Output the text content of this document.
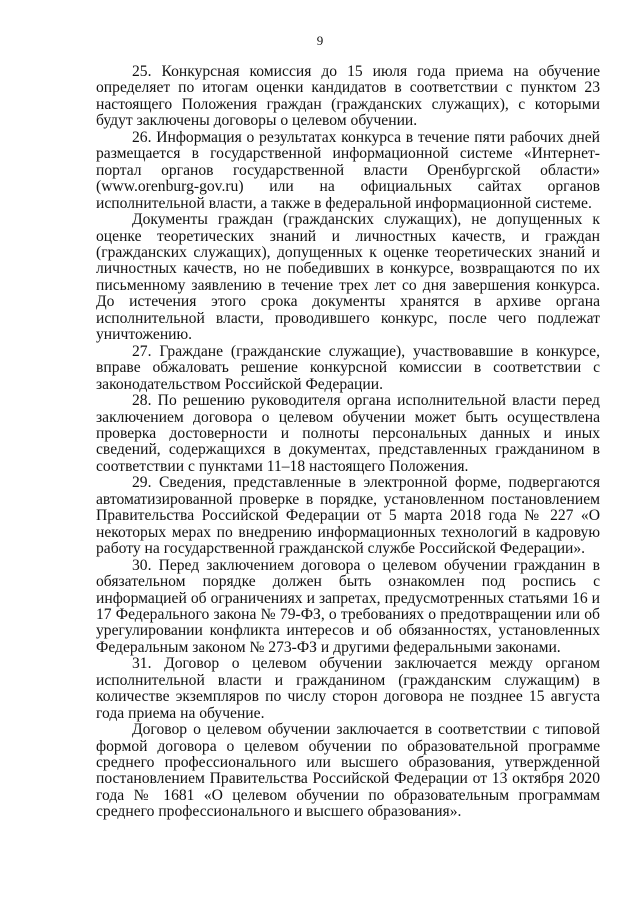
9

25. Конкурсная комиссия до 15 июля года приема на обучение определяет по итогам оценки кандидатов в соответствии с пунктом 23 настоящего Положения граждан (гражданских служащих), с которыми будут заключены договоры о целевом обучении.

26. Информация о результатах конкурса в течение пяти рабочих дней размещается в государственной информационной системе «Интернет-портал органов государственной власти Оренбургской области» (www.orenburg-gov.ru) или на официальных сайтах органов исполнительной власти, а также в федеральной информационной системе.

Документы граждан (гражданских служащих), не допущенных к оценке теоретических знаний и личностных качеств, и граждан (гражданских служащих), допущенных к оценке теоретических знаний и личностных качеств, но не победивших в конкурсе, возвращаются по их письменному заявлению в течение трех лет со дня завершения конкурса. До истечения этого срока документы хранятся в архиве органа исполнительной власти, проводившего конкурс, после чего подлежат уничтожению.

27. Граждане (гражданские служащие), участвовавшие в конкурсе, вправе обжаловать решение конкурсной комиссии в соответствии с законодательством Российской Федерации.

28. По решению руководителя органа исполнительной власти перед заключением договора о целевом обучении может быть осуществлена проверка достоверности и полноты персональных данных и иных сведений, содержащихся в документах, представленных гражданином в соответствии с пунктами 11–18 настоящего Положения.

29. Сведения, представленные в электронной форме, подвергаются автоматизированной проверке в порядке, установленном постановлением Правительства Российской Федерации от 5 марта 2018 года № 227 «О некоторых мерах по внедрению информационных технологий в кадровую работу на государственной гражданской службе Российской Федерации».

30. Перед заключением договора о целевом обучении гражданин в обязательном порядке должен быть ознакомлен под роспись с информацией об ограничениях и запретах, предусмотренных статьями 16 и 17 Федерального закона № 79-ФЗ, о требованиях о предотвращении или об урегулировании конфликта интересов и об обязанностях, установленных Федеральным законом № 273-ФЗ и другими федеральными законами.

31. Договор о целевом обучении заключается между органом исполнительной власти и гражданином (гражданским служащим) в количестве экземпляров по числу сторон договора не позднее 15 августа года приема на обучение.

Договор о целевом обучении заключается в соответствии с типовой формой договора о целевом обучении по образовательной программе среднего профессионального или высшего образования, утвержденной постановлением Правительства Российской Федерации от 13 октября 2020 года № 1681 «О целевом обучении по образовательным программам среднего профессионального и высшего образования».
